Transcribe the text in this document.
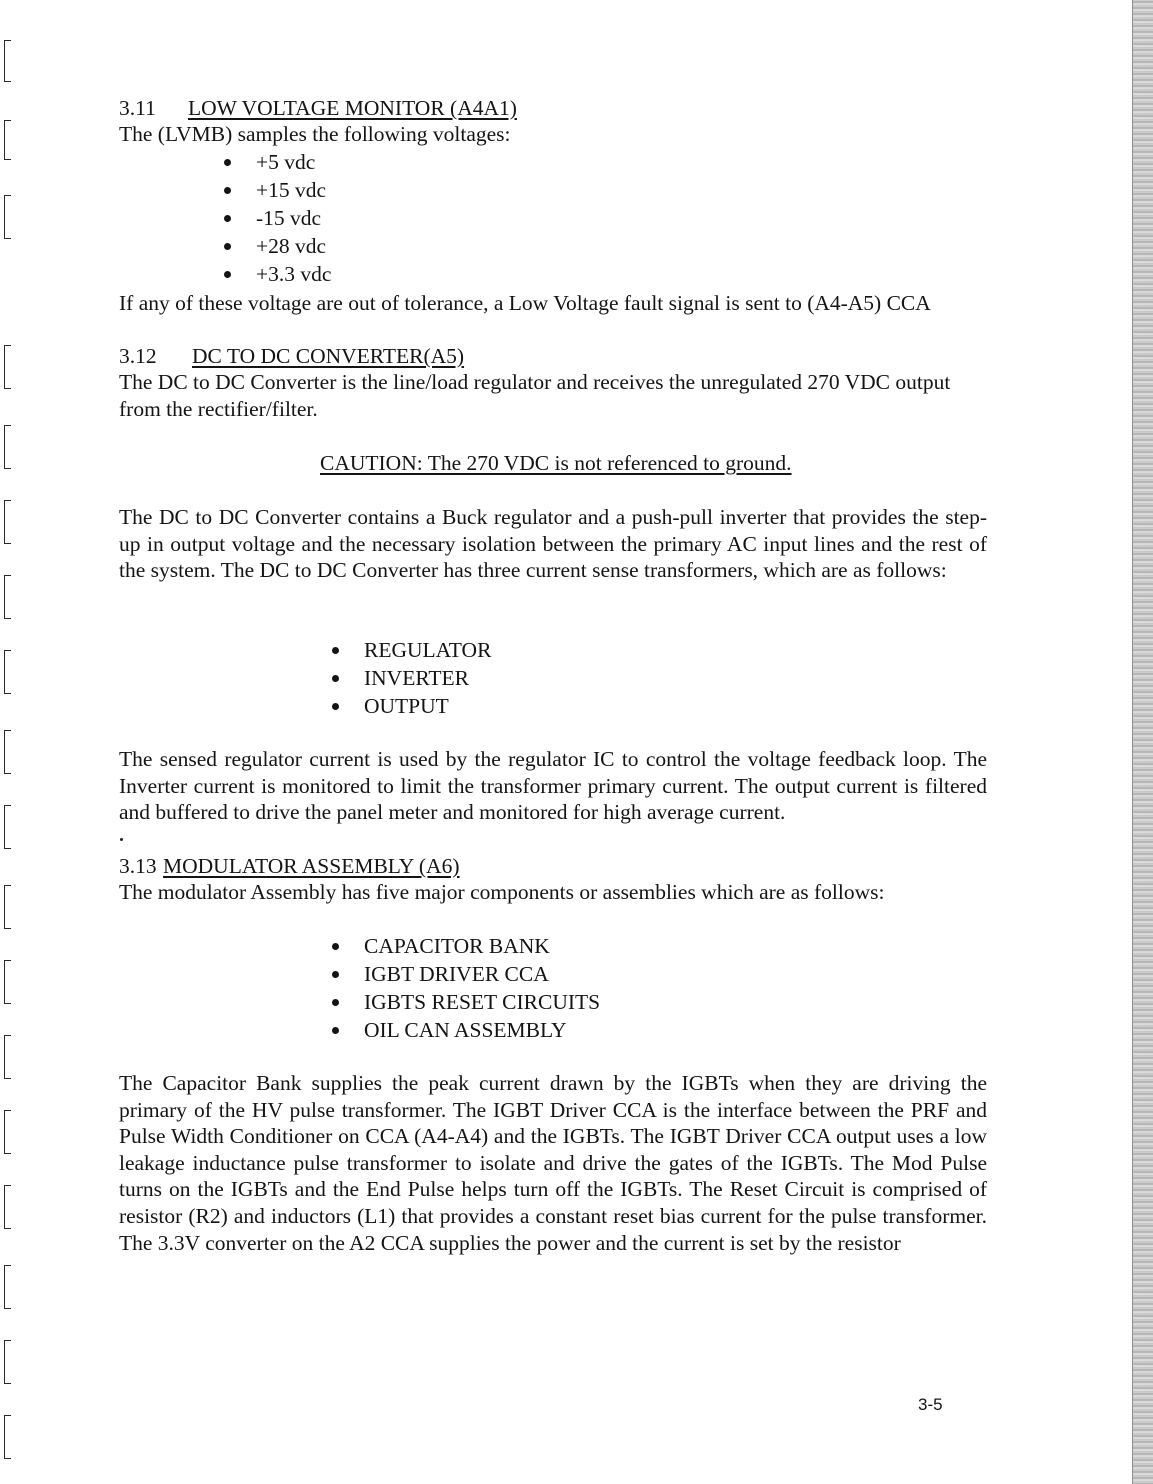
3.11 LOW VOLTAGE MONITOR (A4A1)
The (LVMB) samples the following voltages:
+5 vdc
+15 vdc
-15 vdc
+28 vdc
+3.3 vdc
If any of these voltage are out of tolerance, a Low Voltage fault signal is sent to (A4-A5) CCA
3.12 DC TO DC CONVERTER(A5)

The DC to DC Converter is the line/load regulator and receives the unregulated 270 VDC output from the rectifier/filter.

CAUTION: The 270 VDC is not referenced to ground.

The DC to DC Converter contains a Buck regulator and a push-pull inverter that provides the step-up in output voltage and the necessary isolation between the primary AC input lines and the rest of the system. The DC to DC Converter has three current sense transformers, which are as follows:

REGULATOR
INVERTER
OUTPUT

The sensed regulator current is used by the regulator IC to control the voltage feedback loop. The Inverter current is monitored to limit the transformer primary current. The output current is filtered and buffered to drive the panel meter and monitored for high average current.

3.13 MODULATOR ASSEMBLY (A6)
The modulator Assembly has five major components or assemblies which are as follows:
CAPACITOR BANK
IGBT DRIVER CCA
IGBTS RESET CIRCUITS
OIL CAN ASSEMBLY

The Capacitor Bank supplies the peak current drawn by the IGBTs when they are driving the primary of the HV pulse transformer. The IGBT Driver CCA is the interface between the PRF and Pulse Width Conditioner on CCA (A4-A4) and the IGBTs. The IGBT Driver CCA output uses a low leakage inductance pulse transformer to isolate and drive the gates of the IGBTs. The Mod Pulse turns on the IGBTs and the End Pulse helps turn off the IGBTs. The Reset Circuit is comprised of resistor (R2) and inductors (L1) that provides a constant reset bias current for the pulse transformer. The 3.3V converter on the A2 CCA supplies the power and the current is set by the resistor

3-5
